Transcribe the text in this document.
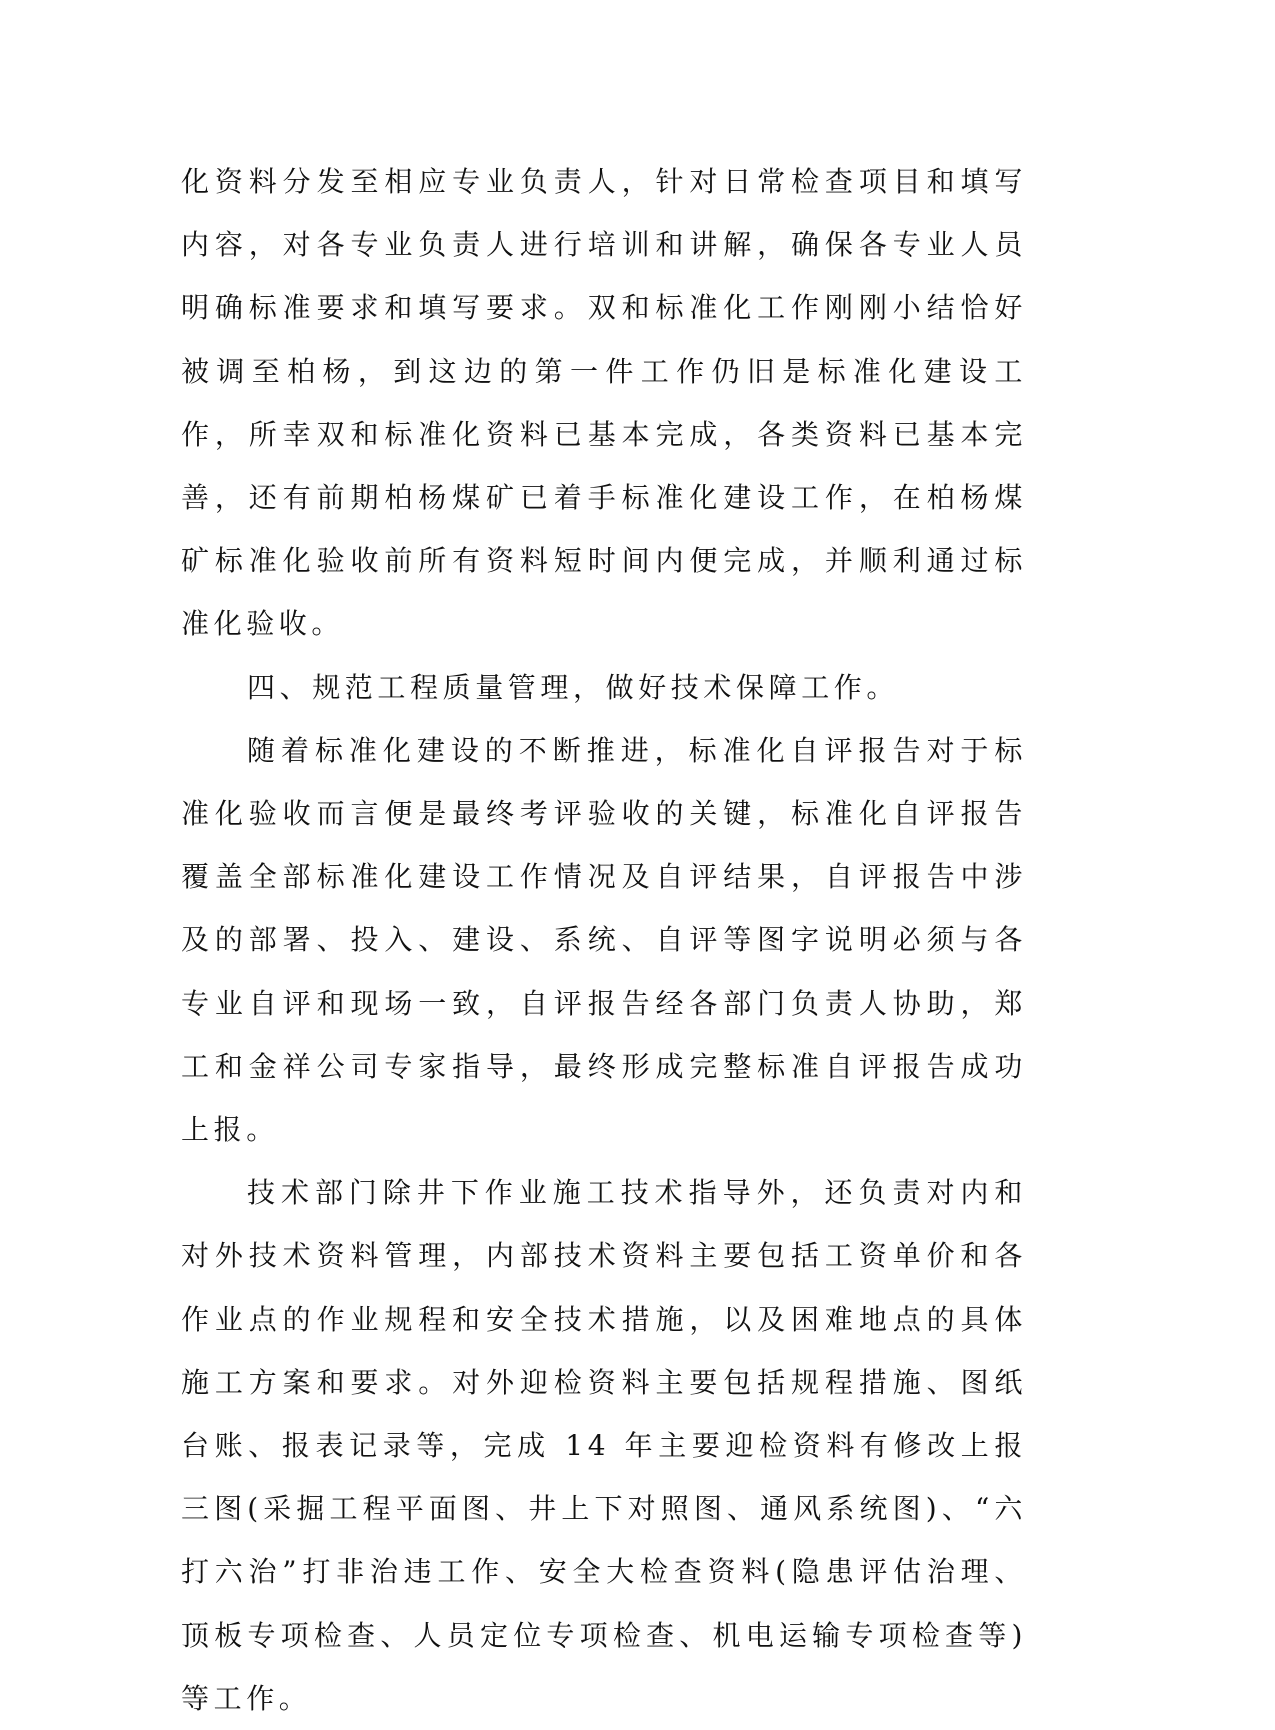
化资料分发至相应专业负责人，针对日常检查项目和填写内容，对各专业负责人进行培训和讲解，确保各专业人员明确标准要求和填写要求。双和标准化工作刚刚小结恰好被调至柏杨，到这边的第一件工作仍旧是标准化建设工作，所幸双和标准化资料已基本完成，各类资料已基本完善，还有前期柏杨煤矿已着手标准化建设工作，在柏杨煤矿标准化验收前所有资料短时间内便完成，并顺利通过标准化验收。

四、规范工程质量管理，做好技术保障工作。

随着标准化建设的不断推进，标准化自评报告对于标准化验收而言便是最终考评验收的关键，标准化自评报告覆盖全部标准化建设工作情况及自评结果，自评报告中涉及的部署、投入、建设、系统、自评等图字说明必须与各专业自评和现场一致，自评报告经各部门负责人协助，郑工和金祥公司专家指导，最终形成完整标准自评报告成功上报。

技术部门除井下作业施工技术指导外，还负责对内和对外技术资料管理，内部技术资料主要包括工资单价和各作业点的作业规程和安全技术措施，以及困难地点的具体施工方案和要求。对外迎检资料主要包括规程措施、图纸台账、报表记录等，完成 14 年主要迎检资料有修改上报三图(采掘工程平面图、井上下对照图、通风系统图)、“六打六治”打非治违工作、安全大检查资料(隐患评估治理、顶板专项检查、人员定位专项检查、机电运输专项检查等)等工作。
